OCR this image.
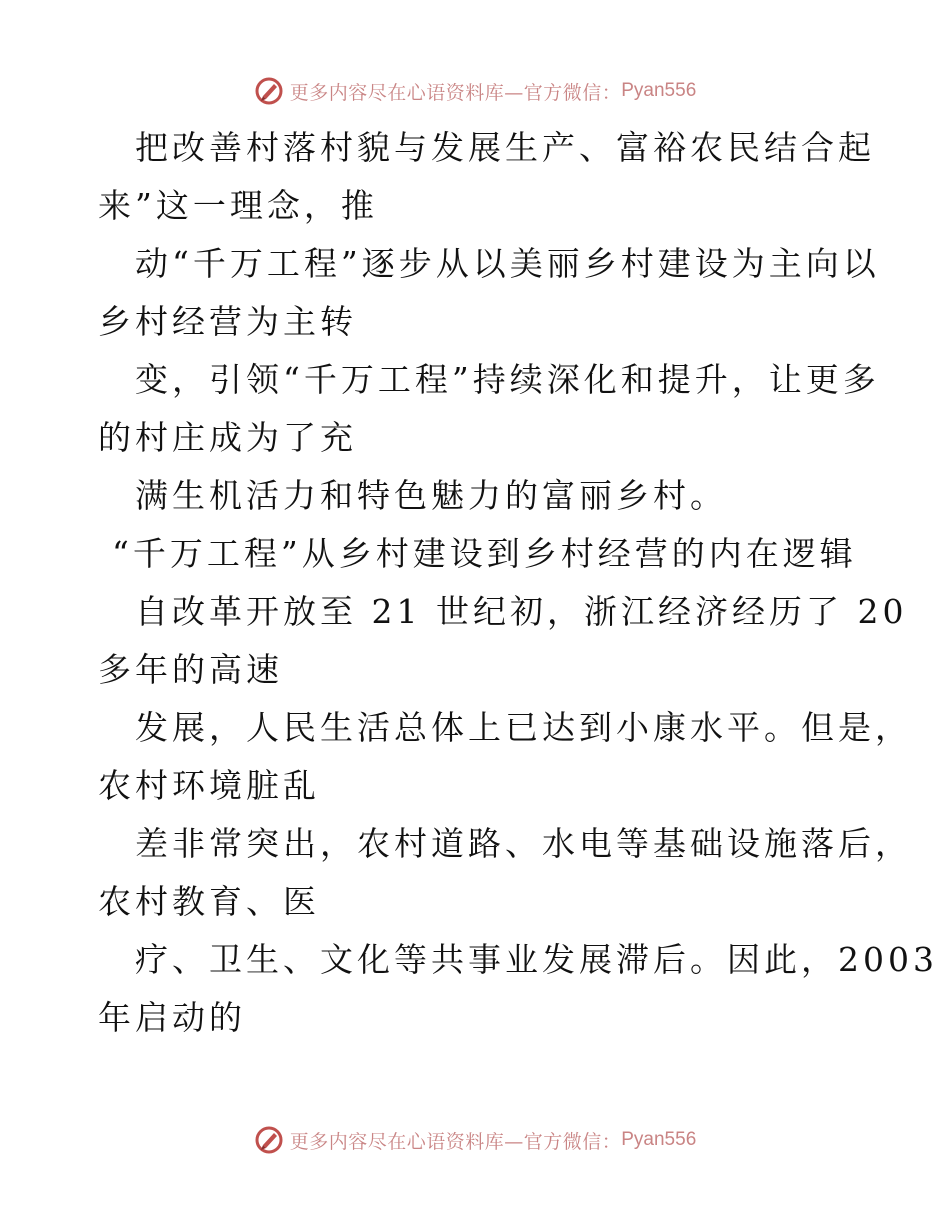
更多内容尽在心语资料库—官方微信： Pyan556
把改善村落村貌与发展生产、富裕农民结合起
来”这一理念，推
动“千万工程”逐步从以美丽乡村建设为主向以
乡村经营为主转
变，引领“千万工程”持续深化和提升，让更多
的村庄成为了充
满生机活力和特色魅力的富丽乡村。
“千万工程”从乡村建设到乡村经营的内在逻辑
自改革开放至 21 世纪初，浙江经济经历了 20
多年的高速
发展，人民生活总体上已达到小康水平。但是，
农村环境脏乱
差非常突出，农村道路、水电等基础设施落后，
农村教育、医
疗、卫生、文化等共事业发展滞后。因此，2003
年启动的
更多内容尽在心语资料库—官方微信： Pyan556
